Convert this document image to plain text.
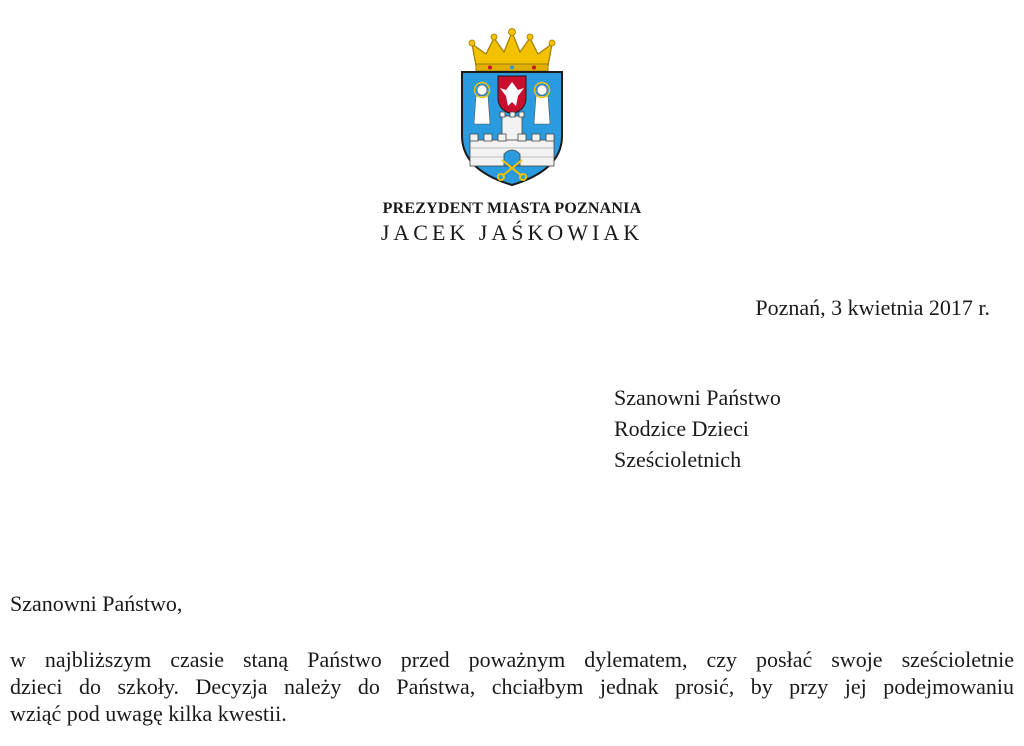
PREZYDENT MIASTA POZNANIA
JACEK JAŚKOWIAK
Poznań, 3 kwietnia 2017 r.
Szanowni Państwo
Rodzice Dzieci
Sześcioletnich
Szanowni Państwo,
w najbliższym czasie staną Państwo przed poważnym dylematem, czy posłać swoje sześcioletnie
dzieci do szkoły. Decyzja należy do Państwa, chciałbym jednak prosić, by przy jej podejmowaniu
wziąć pod uwagę kilka kwestii.
